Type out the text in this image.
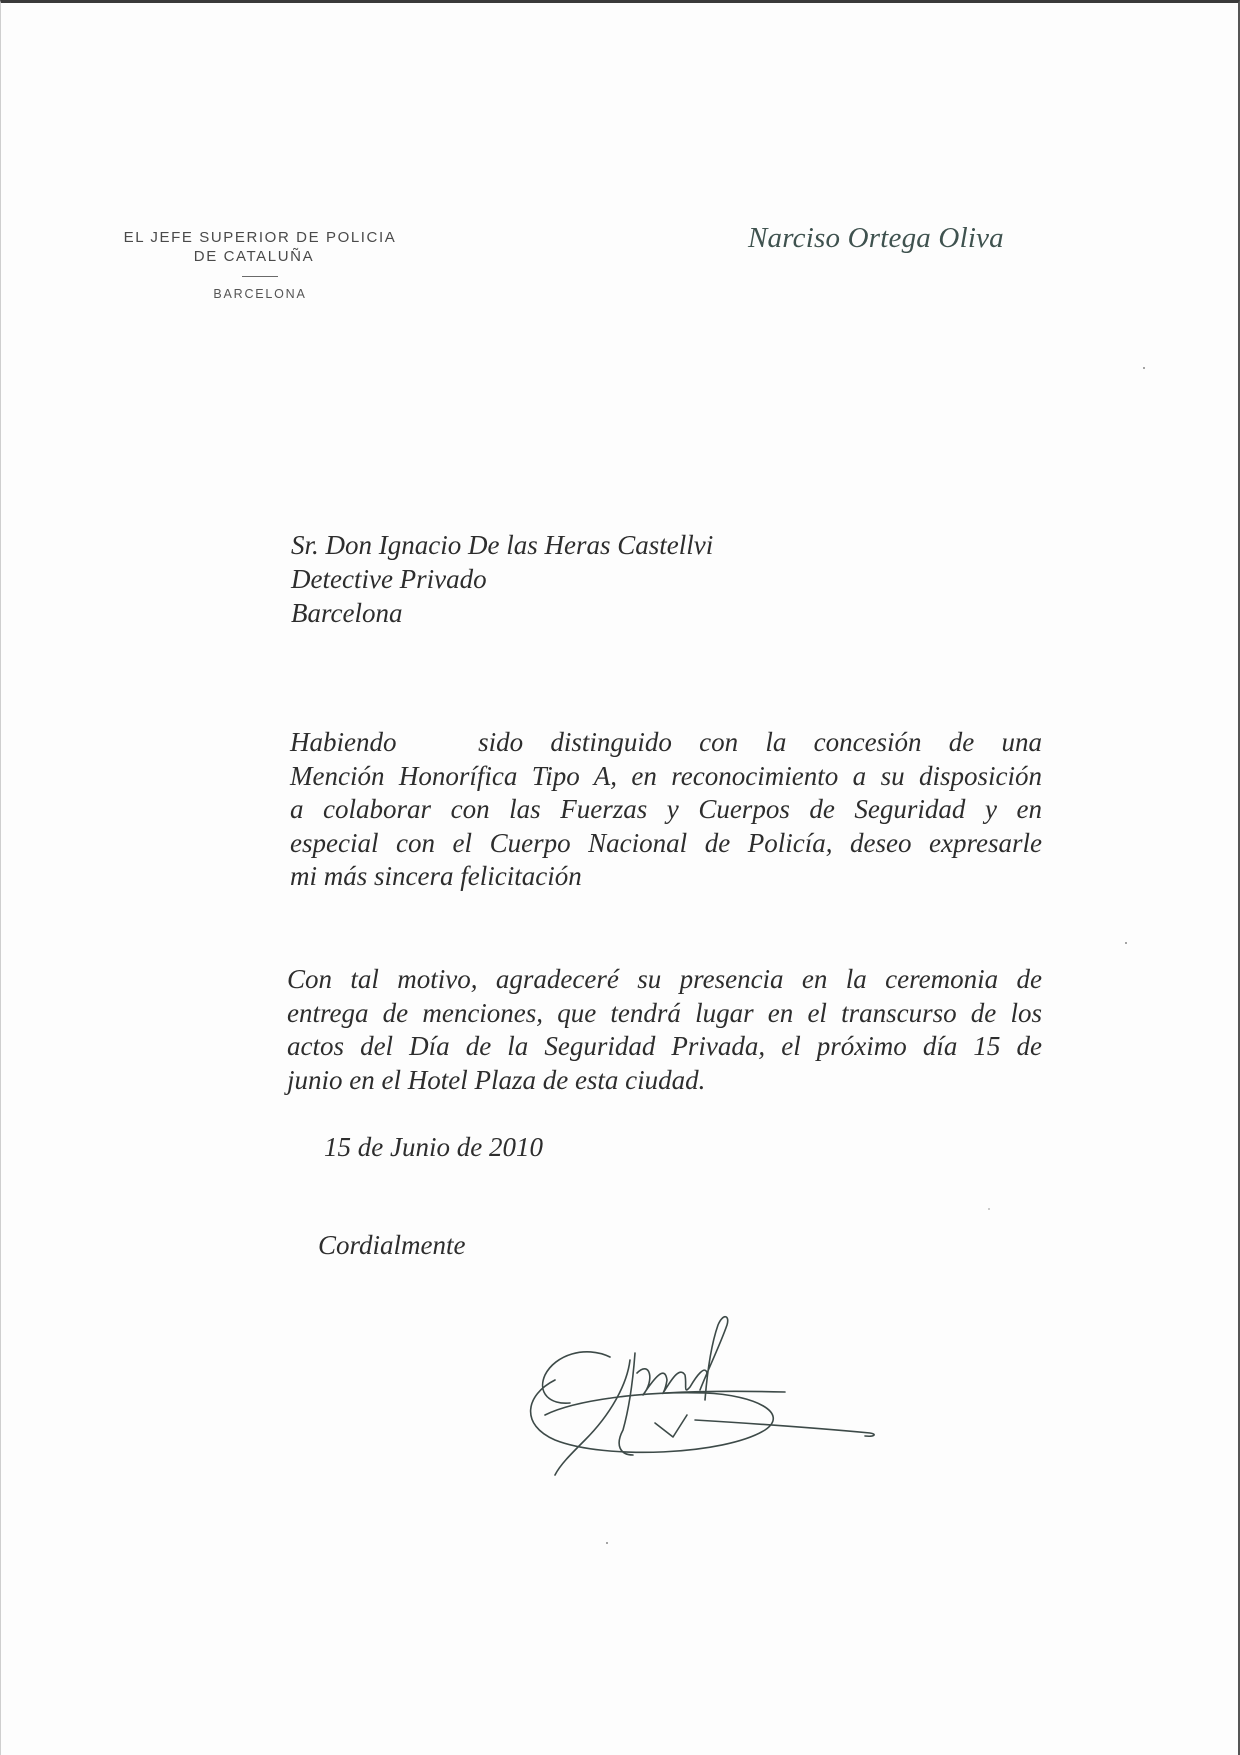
EL JEFE SUPERIOR DE POLICIA
DE CATALUÑA
BARCELONA
Narciso Ortega Oliva
Sr. Don Ignacio De las Heras Castellvi
Detective Privado
Barcelona
Habiendo   sido distinguido con la concesión de una
Mención Honorífica Tipo A, en reconocimiento a su disposición
a colaborar con las Fuerzas y Cuerpos de Seguridad y en
especial con el Cuerpo Nacional de Policía, deseo expresarle
mi más sincera felicitación
Con tal motivo, agradeceré su presencia en la ceremonia de
entrega de menciones, que tendrá lugar en el transcurso de los
actos del Día de la Seguridad Privada, el próximo día 15 de
junio en el Hotel Plaza de esta ciudad.
15 de Junio de 2010
Cordialmente
